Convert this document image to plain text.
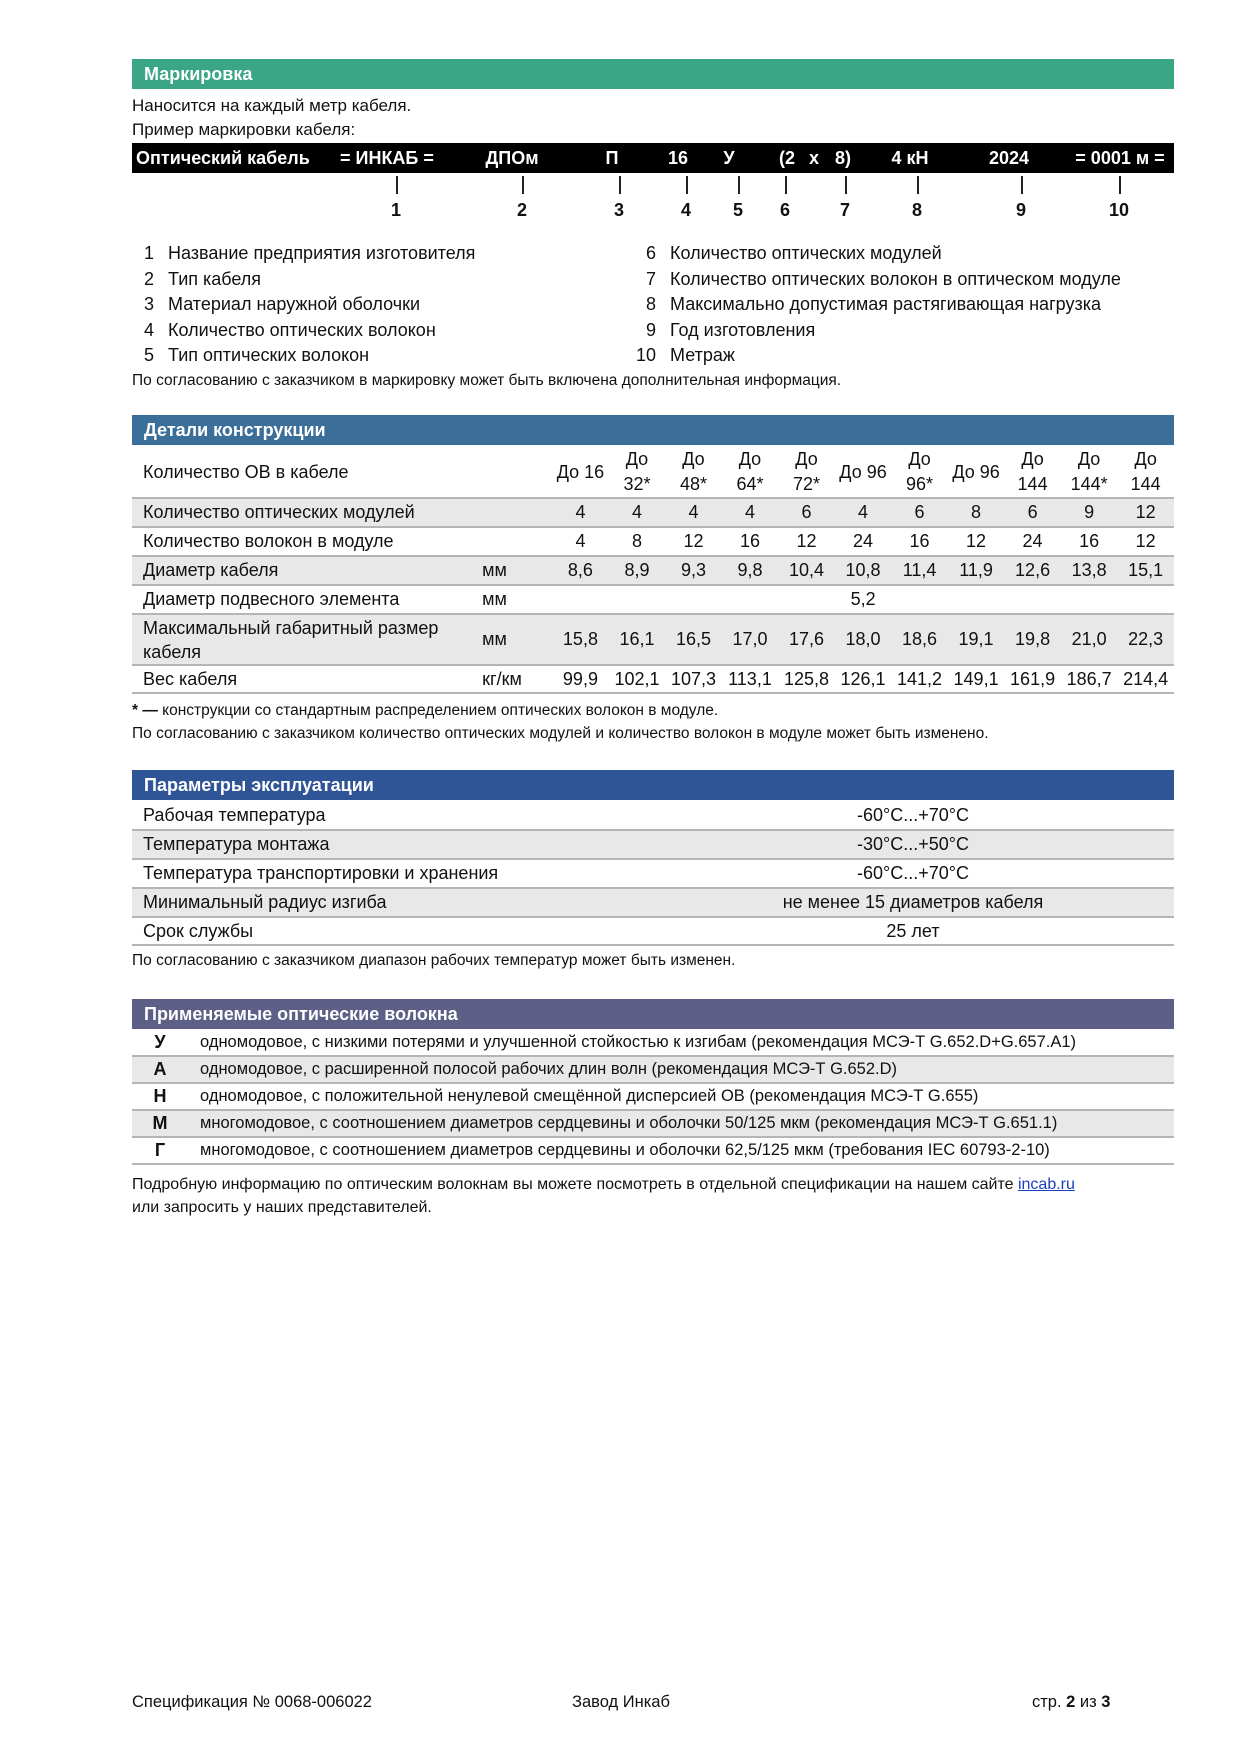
Маркировка
Наносится на каждый метр кабеля.
Пример маркировки кабеля:
Оптический кабель = ИНКАБ =	ДПОм	П	16	У	(2 х 8)	4 кН	2024	= 0001 м =
1	2	3	4	5	6	7	8	9	10
1 Название предприятия изготовителя
2 Тип кабеля
3 Материал наружной оболочки
4 Количество оптических волокон
5 Тип оптических волокон
6 Количество оптических модулей
7 Количество оптических волокон в оптическом модуле
8 Максимально допустимая растягивающая нагрузка
9 Год изготовления
10 Метраж
По согласованию с заказчиком в маркировку может быть включена дополнительная информация.
Детали конструкции
Количество ОВ в кабеле		До 16	До 32*	До 48*	До 64*	До 72*	До 96	До 96*	До 96	До 144	До 144*	До 144
Количество оптических модулей		4	4	4	4	6	4	6	8	6	9	12
Количество волокон в модуле		4	8	12	16	12	24	16	12	24	16	12
Диаметр кабеля	мм	8,6	8,9	9,3	9,8	10,4	10,8	11,4	11,9	12,6	13,8	15,1
Диаметр подвесного элемента	мм	5,2										
Максимальный габаритный размер кабеля	мм	15,8	16,1	16,5	17,0	17,6	18,0	18,6	19,1	19,8	21,0	22,3
Вес кабеля	кг/км	99,9	102,1	107,3	113,1	125,8	126,1	141,2	149,1	161,9	186,7	214,4
* — конструкции со стандартным распределением оптических волокон в модуле.
По согласованию с заказчиком количество оптических модулей и количество волокон в модуле может быть изменено.
Параметры эксплуатации
Рабочая температура	-60°С...+70°С
Температура монтажа	-30°С...+50°С
Температура транспортировки и хранения	-60°С...+70°С
Минимальный радиус изгиба	не менее 15 диаметров кабеля
Срок службы	25 лет
По согласованию с заказчиком диапазон рабочих температур может быть изменен.
Применяемые оптические волокна
У	одномодовое, с низкими потерями и улучшенной стойкостью к изгибам (рекомендация МСЭ-Т G.652.D+G.657.A1)
А	одномодовое, с расширенной полосой рабочих длин волн (рекомендация МСЭ-Т G.652.D)
Н	одномодовое, с положительной ненулевой смещённой дисперсией ОВ (рекомендация МСЭ-Т G.655)
М	многомодовое, с соотношением диаметров сердцевины и оболочки 50/125 мкм (рекомендация МСЭ-Т G.651.1)
Г	многомодовое, с соотношением диаметров сердцевины и оболочки 62,5/125 мкм (требования IEC 60793-2-10)
Подробную информацию по оптическим волокнам вы можете посмотреть в отдельной спецификации на нашем сайте incab.ru
или запросить у наших представителей.
Спецификация № 0068-006022	Завод Инкаб	стр. 2 из 3
